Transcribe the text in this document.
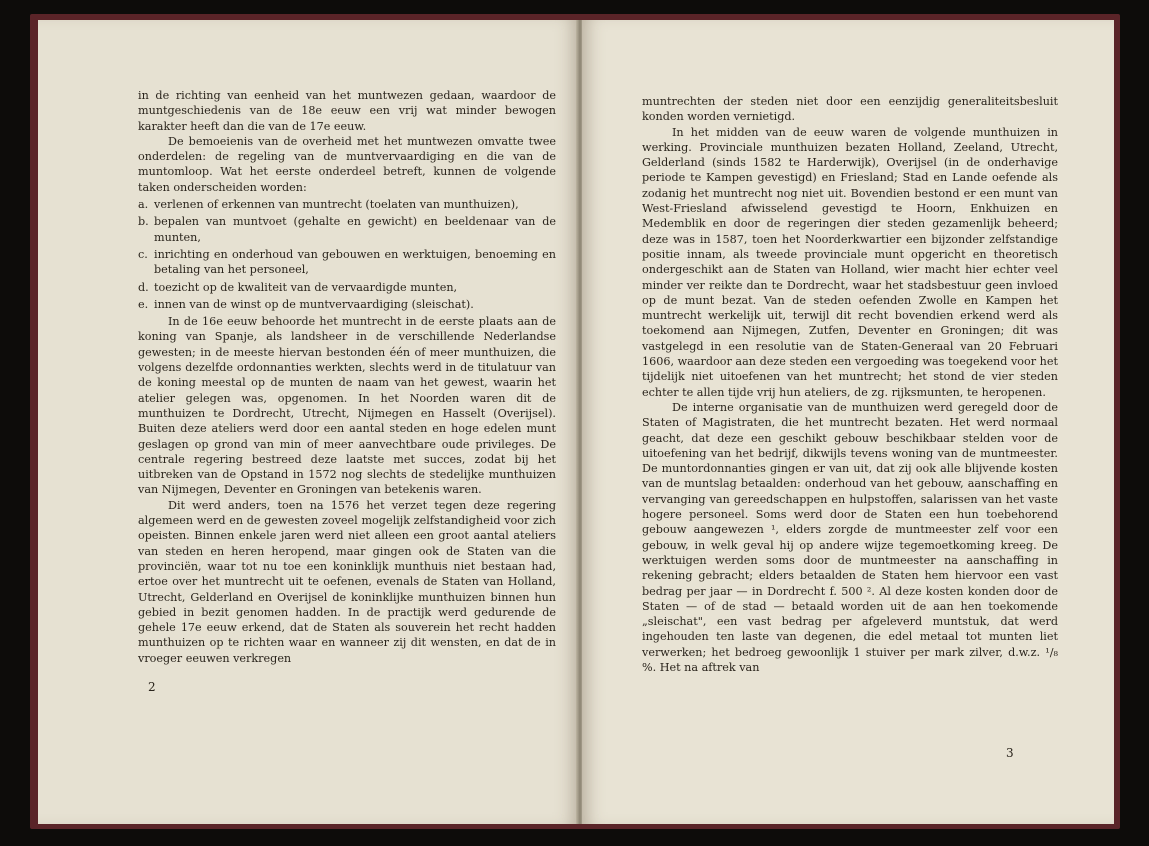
in de richting van eenheid van het muntwezen gedaan, waardoor de muntgeschiedenis van de 18e eeuw een vrij wat minder bewogen karakter heeft dan die van de 17e eeuw.

De bemoeienis van de overheid met het muntwezen omvatte twee onderdelen: de regeling van de muntvervaardiging en die van de muntomloop. Wat het eerste onderdeel betreft, kunnen de volgende taken onderscheiden worden:

a. verlenen of erkennen van muntrecht (toelaten van munthuizen),
b. bepalen van muntvoet (gehalte en gewicht) en beeldenaar van de munten,
c. inrichting en onderhoud van gebouwen en werktuigen, benoeming en betaling van het personeel,
d. toezicht op de kwaliteit van de vervaardigde munten,
e. innen van de winst op de muntvervaardiging (sleischat).

In de 16e eeuw behoorde het muntrecht in de eerste plaats aan de koning van Spanje, als landsheer in de verschillende Nederlandse gewesten; in de meeste hiervan bestonden één of meer munthuizen, die volgens dezelfde ordonnanties werkten, slechts werd in de titulatuur van de koning meestal op de munten de naam van het gewest, waarin het atelier gelegen was, opgenomen. In het Noorden waren dit de munthuizen te Dordrecht, Utrecht, Nijmegen en Hasselt (Overijsel). Buiten deze ateliers werd door een aantal steden en hoge edelen munt geslagen op grond van min of meer aanvechtbare oude privileges. De centrale regering bestreed deze laatste met succes, zodat bij het uitbreken van de Opstand in 1572 nog slechts de stedelijke munthuizen van Nijmegen, Deventer en Groningen van betekenis waren.

Dit werd anders, toen na 1576 het verzet tegen deze regering algemeen werd en de gewesten zoveel mogelijk zelfstandigheid voor zich opeisten. Binnen enkele jaren werd niet alleen een groot aantal ateliers van steden en heren heropend, maar gingen ook de Staten van die provinciën, waar tot nu toe een koninklijk munthuis niet bestaan had, ertoe over het muntrecht uit te oefenen, evenals de Staten van Holland, Utrecht, Gelderland en Overijsel de koninklijke munthuizen binnen hun gebied in bezit genomen hadden. In de practijk werd gedurende de gehele 17e eeuw erkend, dat de Staten als souverein het recht hadden munthuizen op te richten waar en wanneer zij dit wensten, en dat de in vroeger eeuwen verkregen

2

muntrechten der steden niet door een eenzijdig generaliteitsbesluit konden worden vernietigd.

In het midden van de eeuw waren de volgende munthuizen in werking. Provinciale munthuizen bezaten Holland, Zeeland, Utrecht, Gelderland (sinds 1582 te Harderwijk), Overijsel (in de onderhavige periode te Kampen gevestigd) en Friesland; Stad en Lande oefende als zodanig het muntrecht nog niet uit. Bovendien bestond er een munt van West-Friesland afwisselend gevestigd te Hoorn, Enkhuizen en Medemblik en door de regeringen dier steden gezamenlijk beheerd; deze was in 1587, toen het Noorderkwartier een bijzonder zelfstandige positie innam, als tweede provinciale munt opgericht en theoretisch ondergeschikt aan de Staten van Holland, wier macht hier echter veel minder ver reikte dan te Dordrecht, waar het stadsbestuur geen invloed op de munt bezat. Van de steden oefenden Zwolle en Kampen het muntrecht werkelijk uit, terwijl dit recht bovendien erkend werd als toekomend aan Nijmegen, Zutfen, Deventer en Groningen; dit was vastgelegd in een resolutie van de Staten-Generaal van 20 Februari 1606, waardoor aan deze steden een vergoeding was toegekend voor het tijdelijk niet uitoefenen van het muntrecht; het stond de vier steden echter te allen tijde vrij hun ateliers, de zg. rijksmunten, te heropenen.

De interne organisatie van de munthuizen werd geregeld door de Staten of Magistraten, die het muntrecht bezaten. Het werd normaal geacht, dat deze een geschikt gebouw beschikbaar stelden voor de uitoefening van het bedrijf, dikwijls tevens woning van de muntmeester. De muntordonnanties gingen er van uit, dat zij ook alle blijvende kosten van de muntslag betaalden: onderhoud van het gebouw, aanschaffing en vervanging van gereedschappen en hulpstoffen, salarissen van het vaste hogere personeel. Soms werd door de Staten een hun toebehorend gebouw aangewezen ¹, elders zorgde de muntmeester zelf voor een gebouw, in welk geval hij op andere wijze tegemoetkoming kreeg. De werktuigen werden soms door de muntmeester na aanschaffing in rekening gebracht; elders betaalden de Staten hem hiervoor een vast bedrag per jaar — in Dordrecht f. 500 ². Al deze kosten konden door de Staten — of de stad — betaald worden uit de aan hen toekomende „sleischat", een vast bedrag per afgeleverd muntstuk, dat werd ingehouden ten laste van degenen, die edel metaal tot munten liet verwerken; het bedroeg gewoonlijk 1 stuiver per mark zilver, d.w.z. ¹/₈ %. Het na aftrek van

3
